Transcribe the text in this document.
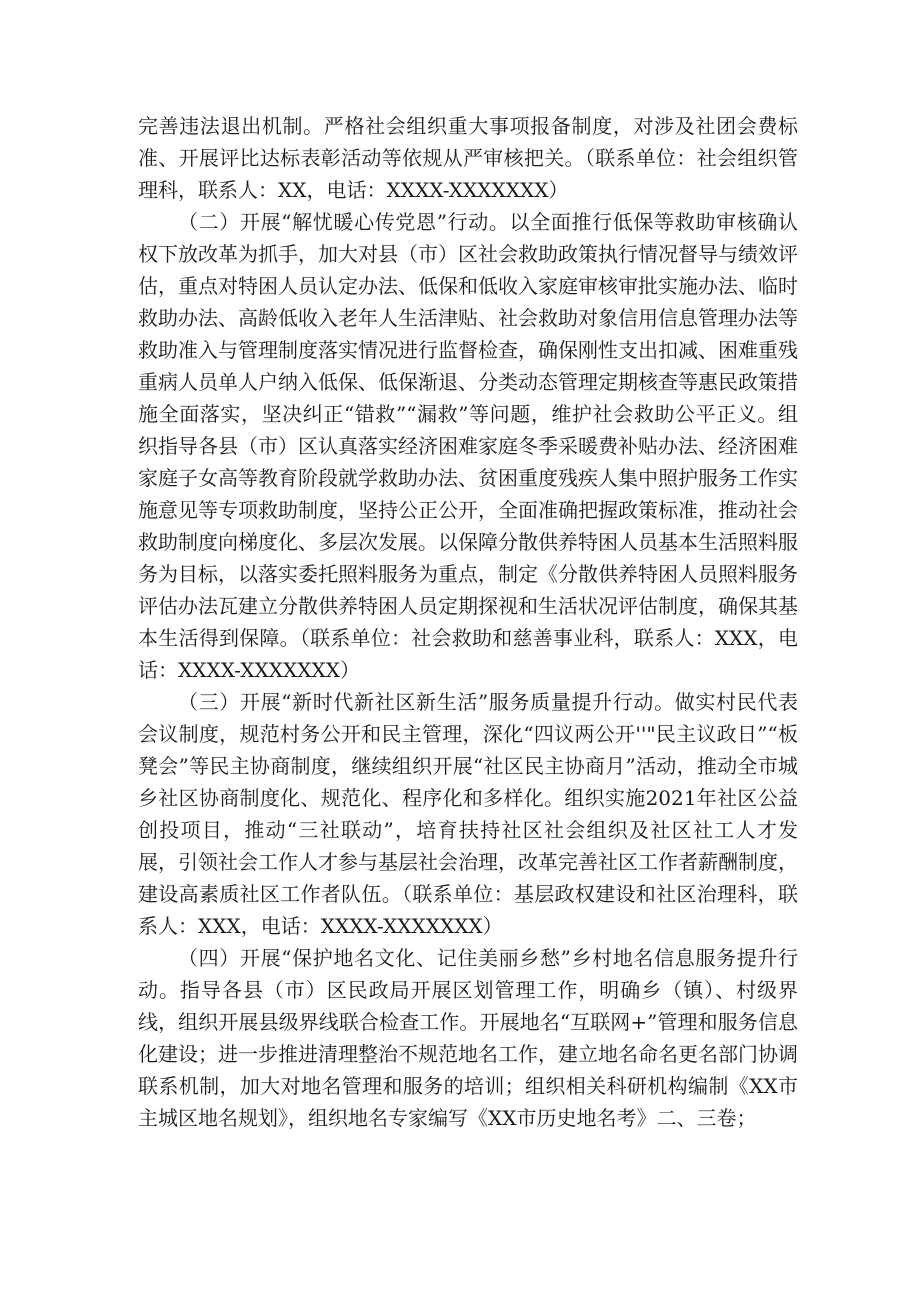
完善违法退出机制。严格社会组织重大事项报备制度，对涉及社团会费标准、开展评比达标表彰活动等依规从严审核把关。（联系单位：社会组织管理科，联系人：XX，电话：XXXX-XXXXXXX）

（二）开展“解忧暖心传党恩”行动。以全面推行低保等救助审核确认权下放改革为抓手，加大对县（市）区社会救助政策执行情况督导与绩效评估，重点对特困人员认定办法、低保和低收入家庭审核审批实施办法、临时救助办法、高龄低收入老年人生活津贴、社会救助对象信用信息管理办法等救助准入与管理制度落实情况进行监督检查，确保刚性支出扣减、困难重残重病人员单人户纳入低保、低保渐退、分类动态管理定期核查等惠民政策措施全面落实，坚决纠正“错救”“漏救”等问题，维护社会救助公平正义。组织指导各县（市）区认真落实经济困难家庭冬季采暖费补贴办法、经济困难家庭子女高等教育阶段就学救助办法、贫困重度残疾人集中照护服务工作实施意见等专项救助制度，坚持公正公开，全面准确把握政策标准，推动社会救助制度向梯度化、多层次发展。以保障分散供养特困人员基本生活照料服务为目标，以落实委托照料服务为重点，制定《分散供养特困人员照料服务评估办法瓦建立分散供养特困人员定期探视和生活状况评估制度，确保其基本生活得到保障。（联系单位：社会救助和慈善事业科，联系人：XXX，电话：XXXX-XXXXXXX）

（三）开展“新时代新社区新生活”服务质量提升行动。做实村民代表会议制度，规范村务公开和民主管理，深化“四议两公开''"民主议政日”“板凳会”等民主协商制度，继续组织开展“社区民主协商月”活动，推动全市城乡社区协商制度化、规范化、程序化和多样化。组织实施2021年社区公益创投项目，推动“三社联动”，培育扶持社区社会组织及社区社工人才发展，引领社会工作人才参与基层社会治理，改革完善社区工作者薪酬制度，建设高素质社区工作者队伍。（联系单位：基层政权建设和社区治理科，联系人：XXX，电话：XXXX-XXXXXXX）

（四）开展“保护地名文化、记住美丽乡愁”乡村地名信息服务提升行动。指导各县（市）区民政局开展区划管理工作，明确乡（镇）、村级界线，组织开展县级界线联合检查工作。开展地名“互联网+”管理和服务信息化建设；进一步推进清理整治不规范地名工作，建立地名命名更名部门协调联系机制，加大对地名管理和服务的培训；组织相关科研机构编制《XX市主城区地名规划》，组织地名专家编写《XX市历史地名考》二、三卷；
